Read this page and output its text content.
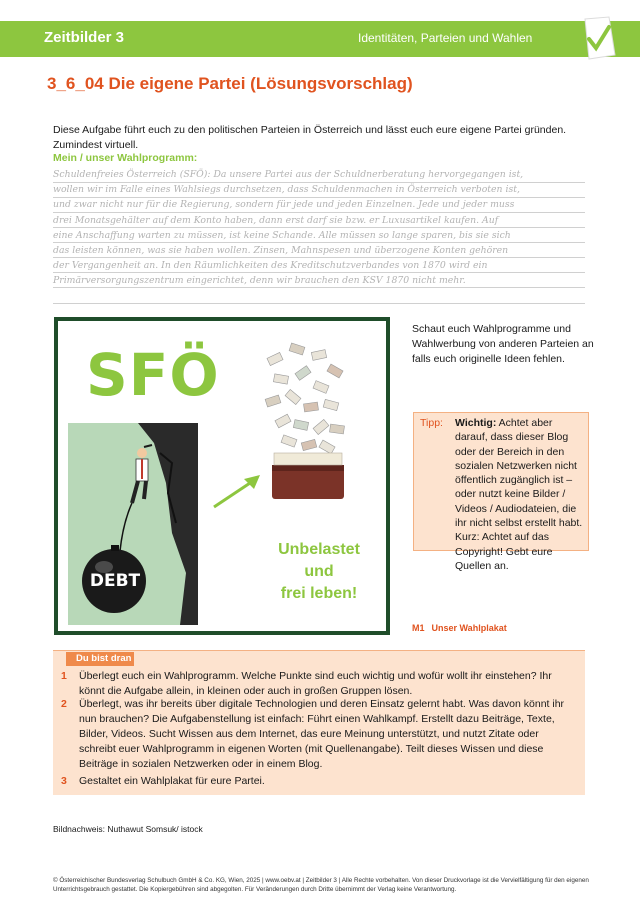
Zeitbilder 3	Identitäten, Parteien und Wahlen
3_6_04 Die eigene Partei (Lösungsvorschlag)
Diese Aufgabe führt euch zu den politischen Parteien in Österreich und lässt euch eure eigene Partei gründen. Zumindest virtuell.
Mein / unser Wahlprogramm:
Schuldenfreies Österreich (SFÖ): Da unsere Partei aus der Schuldnerberatung hervorgegangen ist,
wollen wir im Falle eines Wahlsiegs durchsetzen, dass Schuldenmachen in Österreich verboten ist,
und zwar nicht nur für die Regierung, sondern für jede und jeden Einzelnen. Jede und jeder muss
drei Monatsgehälter auf dem Konto haben, dann erst darf sie bzw. er Luxusartikel kaufen. Auf
eine Anschaffung warten zu müssen, ist keine Schande. Alle müssen so lange sparen, bis sie sich
das leisten können, was sie haben wollen. Zinsen, Mahnspesen und überzogene Konten gehören
der Vergangenheit an. In den Räumlichkeiten des Kreditschutzverbandes von 1870 wird ein
Primärversorgungszentrum eingerichtet, denn wir brauchen den KSV 1870 nicht mehr.
SFÖ
DEBT
Unbelastet
und
frei leben!
Schaut euch Wahlprogramme und Wahlwerbung von anderen Parteien an falls euch originelle Ideen fehlen.
Tipp: Wichtig: Achtet aber darauf, dass dieser Blog oder der Bereich in den sozialen Netzwerken nicht öffentlich zugänglich ist – oder nutzt keine Bilder / Videos / Audiodateien, die ihr nicht selbst erstellt habt. Kurz: Achtet auf das Copyright! Gebt eure Quellen an.
M1 Unser Wahlplakat
Du bist dran
1 Überlegt euch ein Wahlprogramm. Welche Punkte sind euch wichtig und wofür wollt ihr einstehen? Ihr könnt die Aufgabe allein, in kleinen oder auch in großen Gruppen lösen.
2 Überlegt, was ihr bereits über digitale Technologien und deren Einsatz gelernt habt. Was davon könnt ihr nun brauchen? Die Aufgabenstellung ist einfach: Führt einen Wahlkampf. Erstellt dazu Beiträge, Texte, Bilder, Videos. Sucht Wissen aus dem Internet, das eure Meinung unterstützt, und nutzt Zitate oder schreibt euer Wahlprogramm in eigenen Worten (mit Quellenangabe). Teilt dieses Wissen und diese Beiträge in sozialen Netzwerken oder in einem Blog.
3 Gestaltet ein Wahlplakat für eure Partei.
Bildnachweis: Nuthawut Somsuk/ istock
© Österreichischer Bundesverlag Schulbuch GmbH & Co. KG, Wien, 2025 | www.oebv.at | Zeitbilder 3 | Alle Rechte vorbehalten. Von dieser Druckvorlage ist die Vervielfältigung für den eigenen Unterrichtsgebrauch gestattet. Die Kopiergebühren sind abgegolten. Für Veränderungen durch Dritte übernimmt der Verlag keine Verantwortung.
